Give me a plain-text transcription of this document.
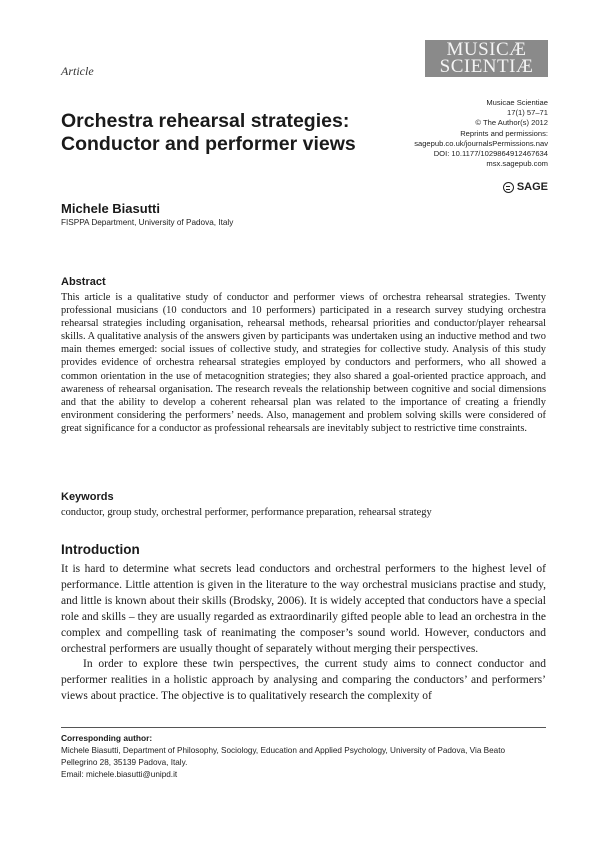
Article
MUSICÆ
SCIENTIÆ
Musicae Scientiae
17(1) 57–71
© The Author(s) 2012
Reprints and permissions:
sagepub.co.uk/journalsPermissions.nav
DOI: 10.1177/1029864912467634
msx.sagepub.com
SAGE
Orchestra rehearsal strategies:
Conductor and performer views
Michele Biasutti
FISPPA Department, University of Padova, Italy
Abstract
This article is a qualitative study of conductor and performer views of orchestra rehearsal strategies. Twenty professional musicians (10 conductors and 10 performers) participated in a research survey studying orchestra rehearsal strategies including organisation, rehearsal methods, rehearsal priorities and conductor/player rehearsal skills. A qualitative analysis of the answers given by participants was undertaken using an inductive method and two main themes emerged: social issues of collective study, and strategies for collective study. Analysis of this study provides evidence of orchestra rehearsal strategies employed by conductors and performers, who all showed a common orientation in the use of metacognition strategies; they also shared a goal-oriented practice approach, and awareness of rehearsal organisation. The research reveals the relationship between cognitive and social dimensions and that the ability to develop a coherent rehearsal plan was related to the importance of creating a friendly environment considering the performers’ needs. Also, management and problem solving skills were considered of great significance for a conductor as professional rehearsals are inevitably subject to restrictive time constraints.
Keywords
conductor, group study, orchestral performer, performance preparation, rehearsal strategy
Introduction

It is hard to determine what secrets lead conductors and orchestral performers to the highest level of performance. Little attention is given in the literature to the way orchestral musicians practise and study, and little is known about their skills (Brodsky, 2006). It is widely accepted that conductors have a special role and skills – they are usually regarded as extraordinarily gifted people able to lead an orchestra in the complex and compelling task of reanimating the composer’s sound world. However, conductors and orchestral performers are usually thought of separately without merging their perspectives.

In order to explore these twin perspectives, the current study aims to connect conductor and performer realities in a holistic approach by analysing and comparing the conductors’ and performers’ views about practice. The objective is to qualitatively research the complexity of

Corresponding author:
Michele Biasutti, Department of Philosophy, Sociology, Education and Applied Psychology, University of Padova, Via Beato
Pellegrino 28, 35139 Padova, Italy.
Email: michele.biasutti@unipd.it
